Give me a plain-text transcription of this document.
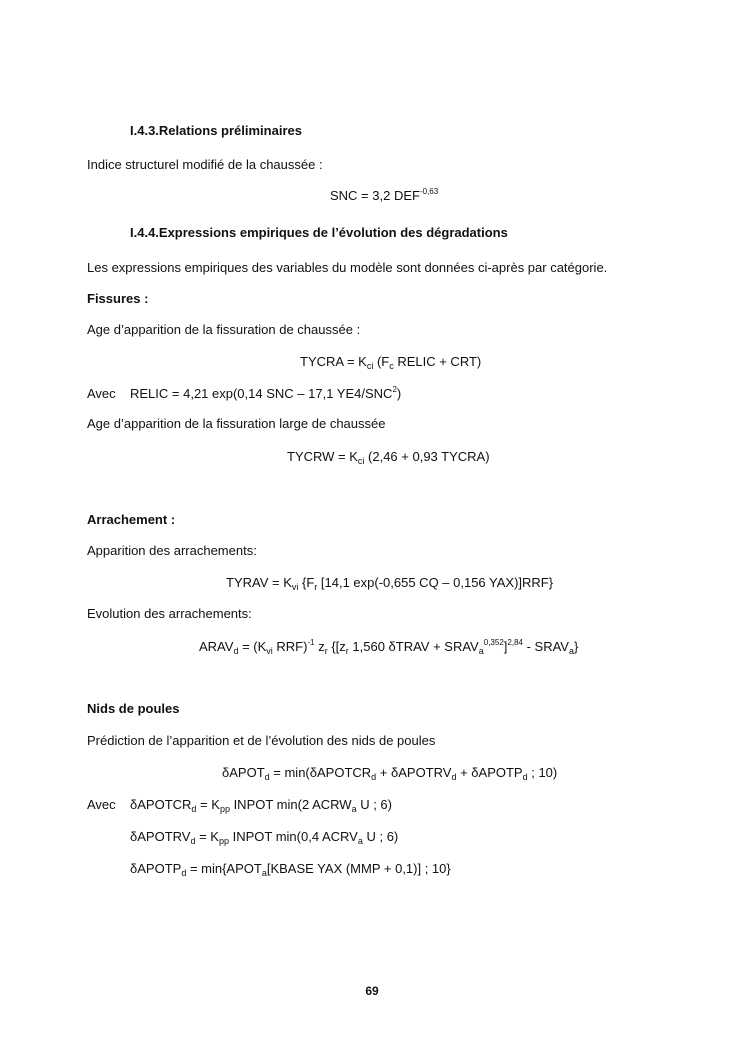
I.4.3.Relations préliminaires
Indice structurel modifié de la chaussée :
SNC = 3,2 $DEF^{-0,63}$
I.4.4.Expressions empiriques de l’évolution des dégradations
Les expressions empiriques des variables du modèle sont données ci-après par catégorie.
Fissures :
Age d’apparition de la fissuration de chaussée :
TYCRA = $K_{ci}$ ($F_c$ RELIC + CRT)
Avec RELIC = 4,21 exp(0,14 SNC – 17,1 YE4/SNC$^2$)
Age d’apparition de la fissuration large de chaussée
TYCRW = $K_{ci}$ (2,46 + 0,93 TYCRA)
Arrachement :
Apparition des arrachements:
TYRAV = $K_{vi}$ {$F_r$ [14,1 exp(-0,655 CQ – 0,156 YAX)]RRF}
Evolution des arrachements:
$ARAV_d = (K_{vi}$ RRF)$^{-1}$ $z_r$ {[$z_r$ 1,560 δTRAV + $SRAV_a^{0,352}]^{2,84}$ - $SRAV_a$}
Nids de poules
Prédiction de l’apparition et de l’évolution des nids de poules
δAPOT$_d$ = min(δAPOTCR$_d$ + δAPOTRV$_d$ + δAPOTP$_d$ ; 10)
Avec δAPOTCR$_d$ = $K_{pp}$ INPOT min(2 $ACRW_a$ U ; 6)
δAPOTRV$_d$ = $K_{pp}$ INPOT min(0,4 $ACRV_a$ U ; 6)
δAPOTP$_d$ = $\min\{APOT_a[KBASE$ YAX (MMP + 0,1)] ; 10}
69
